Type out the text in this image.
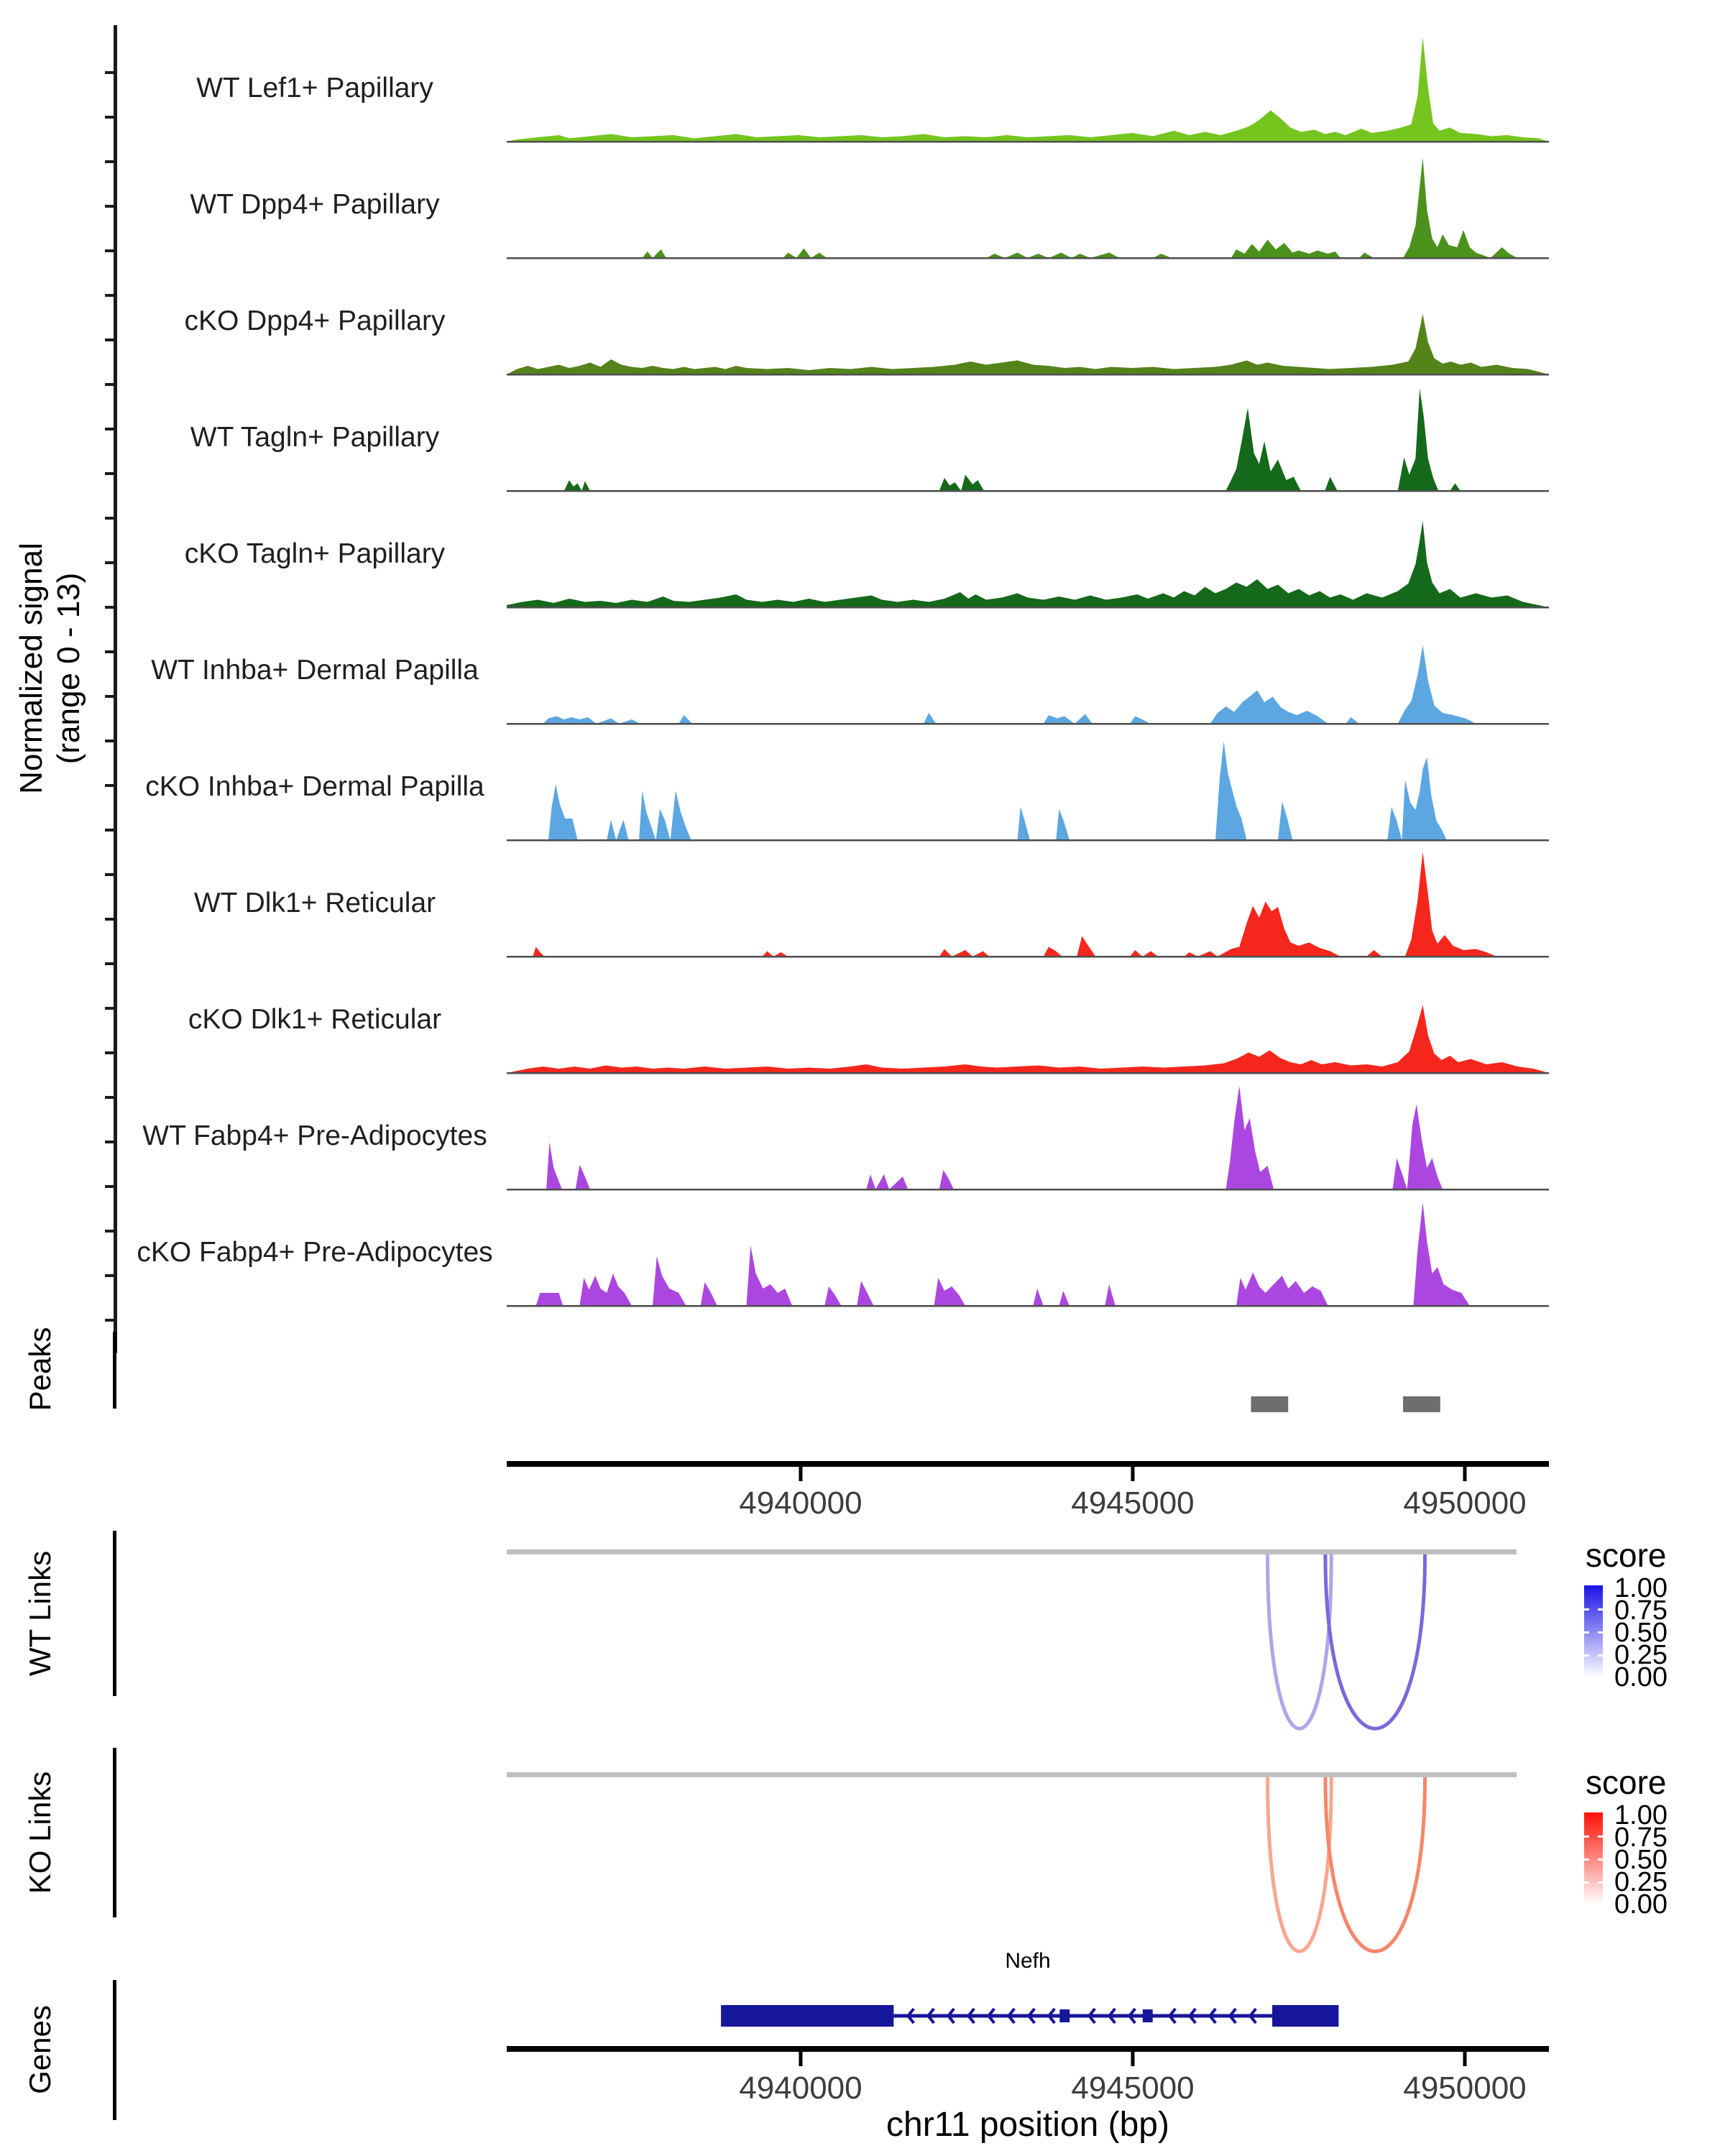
Normalized signal (range 0 - 13)
WT Lef1+ Papillary
WT Dpp4+ Papillary
cKO Dpp4+ Papillary
WT Tagln+ Papillary
cKO Tagln+ Papillary
WT Inhba+ Dermal Papilla
cKO Inhba+ Dermal Papilla
WT Dlk1+ Reticular
cKO Dlk1+ Reticular
WT Fabp4+ Pre-Adipocytes
cKO Fabp4+ Pre-Adipocytes
Peaks
WT Links
KO Links
Genes
4940000	4945000	4950000
score
1.00
0.75
0.50
0.25
0.00
score
1.00
0.75
0.50
0.25
0.00
Nefh
4940000	4945000	4950000
chr11 position (bp)
